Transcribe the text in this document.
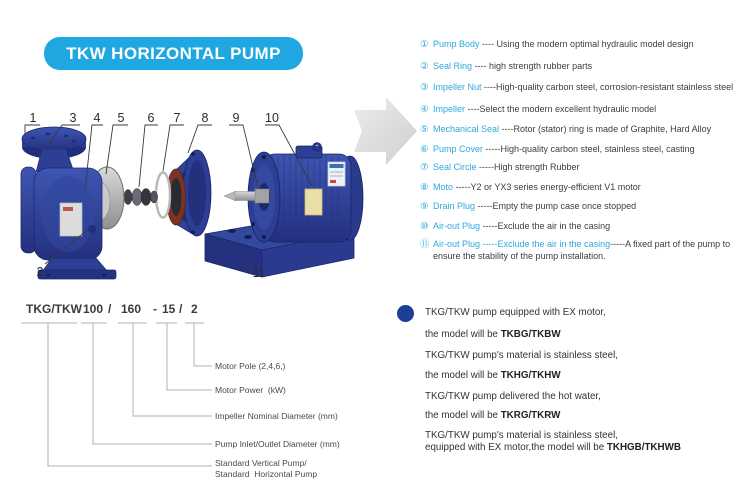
TKW HORIZONTAL PUMP
1	3 4 5 6 7 8 9 10
2	11
① Pump Body ---- Using the modern optimal hydraulic model design
② Seal Ring ---- high strength rubber parts
③ Impeller Nut ----High-quality carbon steel, corrosion-resistant stainless steel
④ Impeller ----Select the modern excellent hydraulic model
⑤ Mechanical Seal ----Rotor (stator) ring is made of Graphite, Hard Alloy
⑥ Pump Cover -----High-quality carbon steel, stainless steel, casting
⑦ Seal Circle -----High strength Rubber
⑧ Moto -----Y2 or YX3 series energy-efficient V1 motor
⑨ Drain Plug -----Empty the pump case once stopped
⑩ Air-out Plug -----Exclude the air in the casing
⑪ Air-out Plug -----Exclude the air in the casing-----A fixed part of the pump to
ensure the stability of the pump installation.
TKG/TKW 100 / 160 - 15 / 2
Motor Pole (2,4,6,)
Motor Power  (kW)
Impeller Nominal Diameter (mm)
Pump Inlet/Outlet Diameter (mm)
Standard Vertical Pump/
Standard  Horizontal Pump
TKG/TKW pump equipped with EX motor,
the model will be TKBG/TKBW
TKG/TKW pump's material is stainless steel,
the model will be TKHG/TKHW
TKG/TKW pump delivered the hot water,
the model will be TKRG/TKRW
TKG/TKW pump's material is stainless steel,
equipped with EX motor,the model will be TKHGB/TKHWB
